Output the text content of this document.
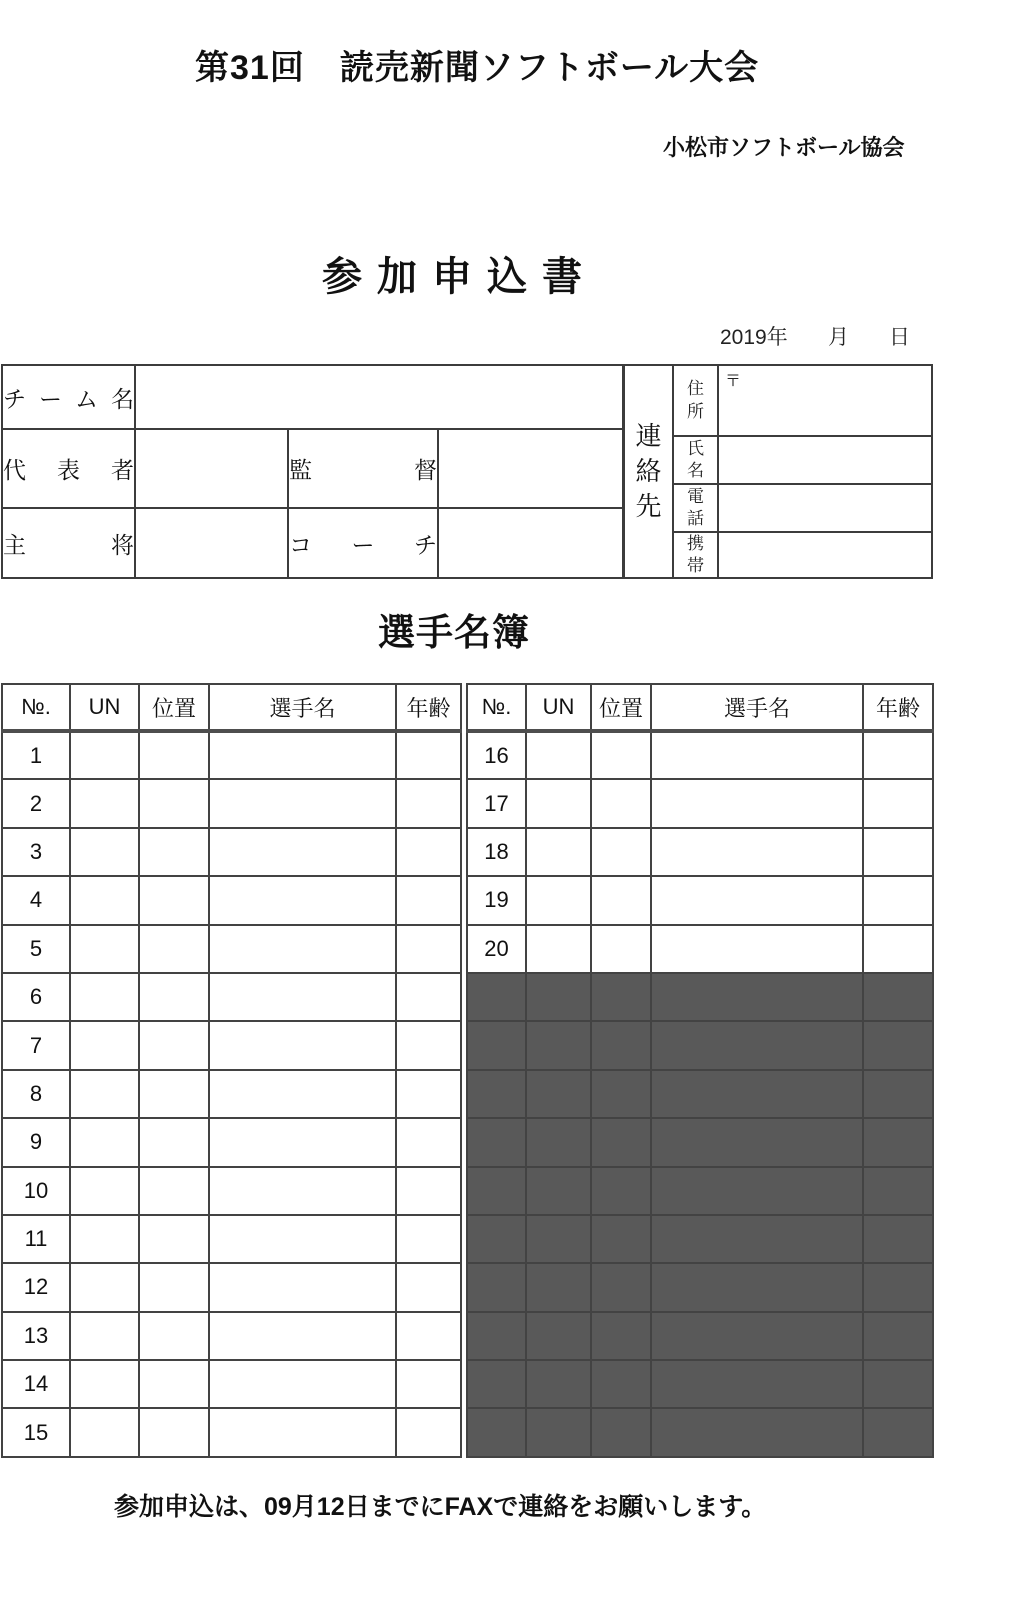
第31回　読売新聞ソフトボール大会
小松市ソフトボール協会
参加申込書
2019年 月 日
チーム名			
代表者		監督	
主将		コーチ	
連絡先	住所	〒

	氏名	

	電話	

	携帯	

選手名簿
№.	UN	位置	選手名	年齢
1				
2				
3				
4				
5				
6				
7				
8				
9				
10				
11				
12				
13				
14				
15				
№.	UN	位置	選手名	年齢
16				
17				
18				
19				
20				

参加申込は、09月12日までにFAXで連絡をお願いします。
